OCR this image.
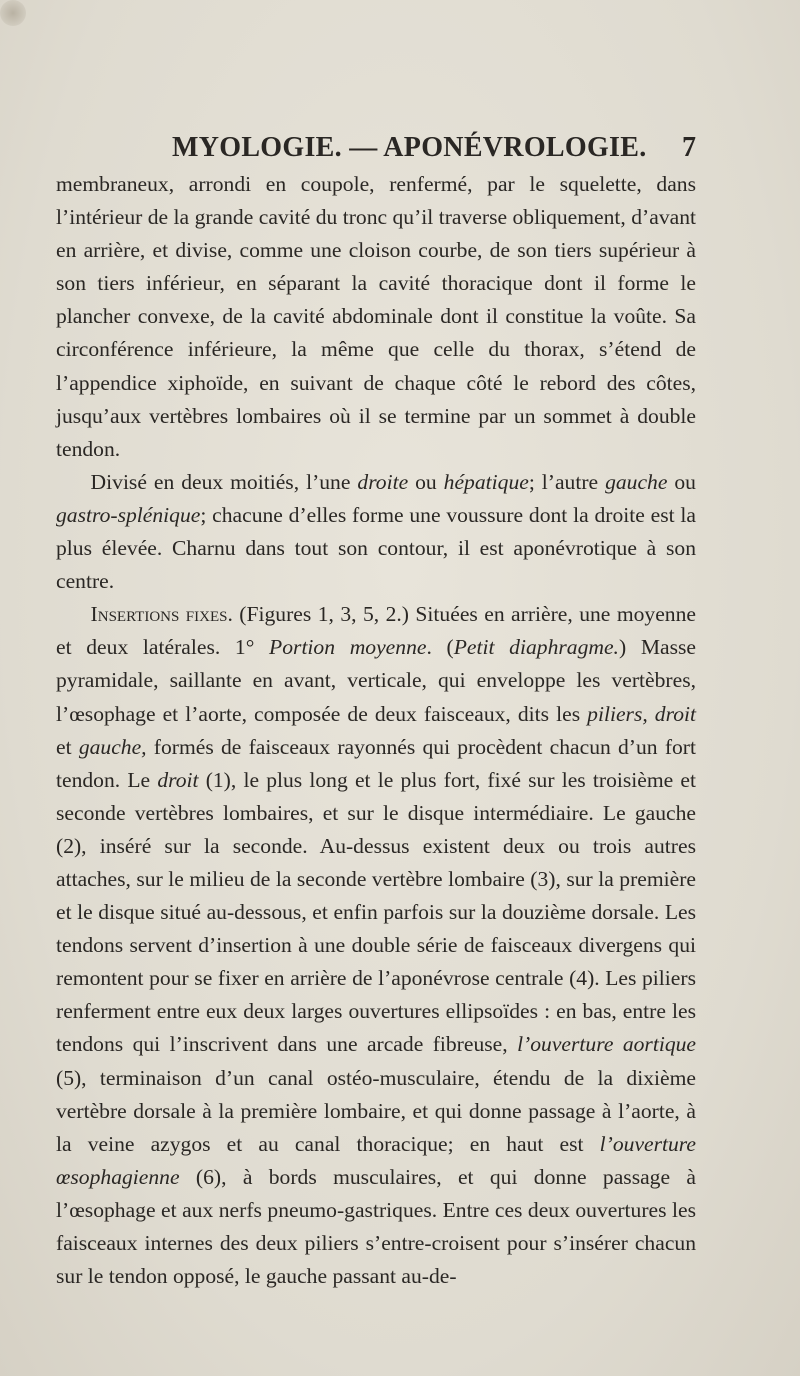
MYOLOGIE. — APONÉVROLOGIE. 7

membraneux, arrondi en coupole, renfermé, par le squelette, dans l’intérieur de la grande cavité du tronc qu’il traverse obliquement, d’avant en arrière, et divise, comme une cloison courbe, de son tiers supérieur à son tiers inférieur, en séparant la cavité thoracique dont il forme le plancher convexe, de la cavité abdominale dont il constitue la voûte. Sa circonférence inférieure, la même que celle du thorax, s’étend de l’appendice xiphoïde, en suivant de chaque côté le rebord des côtes, jusqu’aux vertèbres lombaires où il se termine par un sommet à double tendon.

Divisé en deux moitiés, l’une droite ou hépatique; l’autre gauche ou gastro-splénique; chacune d’elles forme une voussure dont la droite est la plus élevée. Charnu dans tout son contour, il est aponévrotique à son centre.

Insertions fixes. (Figures 1, 3, 5, 2.) Situées en arrière, une moyenne et deux latérales. 1° Portion moyenne. (Petit diaphragme.) Masse pyramidale, saillante en avant, verticale, qui enveloppe les vertèbres, l’œsophage et l’aorte, composée de deux faisceaux, dits les piliers, droit et gauche, formés de faisceaux rayonnés qui procèdent chacun d’un fort tendon. Le droit (1), le plus long et le plus fort, fixé sur les troisième et seconde vertèbres lombaires, et sur le disque intermédiaire. Le gauche (2), inséré sur la seconde. Au-dessus existent deux ou trois autres attaches, sur le milieu de la seconde vertèbre lombaire (3), sur la première et le disque situé au-dessous, et enfin parfois sur la douzième dorsale. Les tendons servent d’insertion à une double série de faisceaux divergens qui remontent pour se fixer en arrière de l’aponévrose centrale (4). Les piliers renferment entre eux deux larges ouvertures ellipsoïdes : en bas, entre les tendons qui l’inscrivent dans une arcade fibreuse, l’ouverture aortique (5), terminaison d’un canal ostéo-musculaire, étendu de la dixième vertèbre dorsale à la première lombaire, et qui donne passage à l’aorte, à la veine azygos et au canal thoracique; en haut est l’ouverture œsophagienne (6), à bords musculaires, et qui donne passage à l’œsophage et aux nerfs pneumo-gastriques. Entre ces deux ouvertures les faisceaux internes des deux piliers s’entre-croisent pour s’insérer chacun sur le tendon opposé, le gauche passant au-de-
